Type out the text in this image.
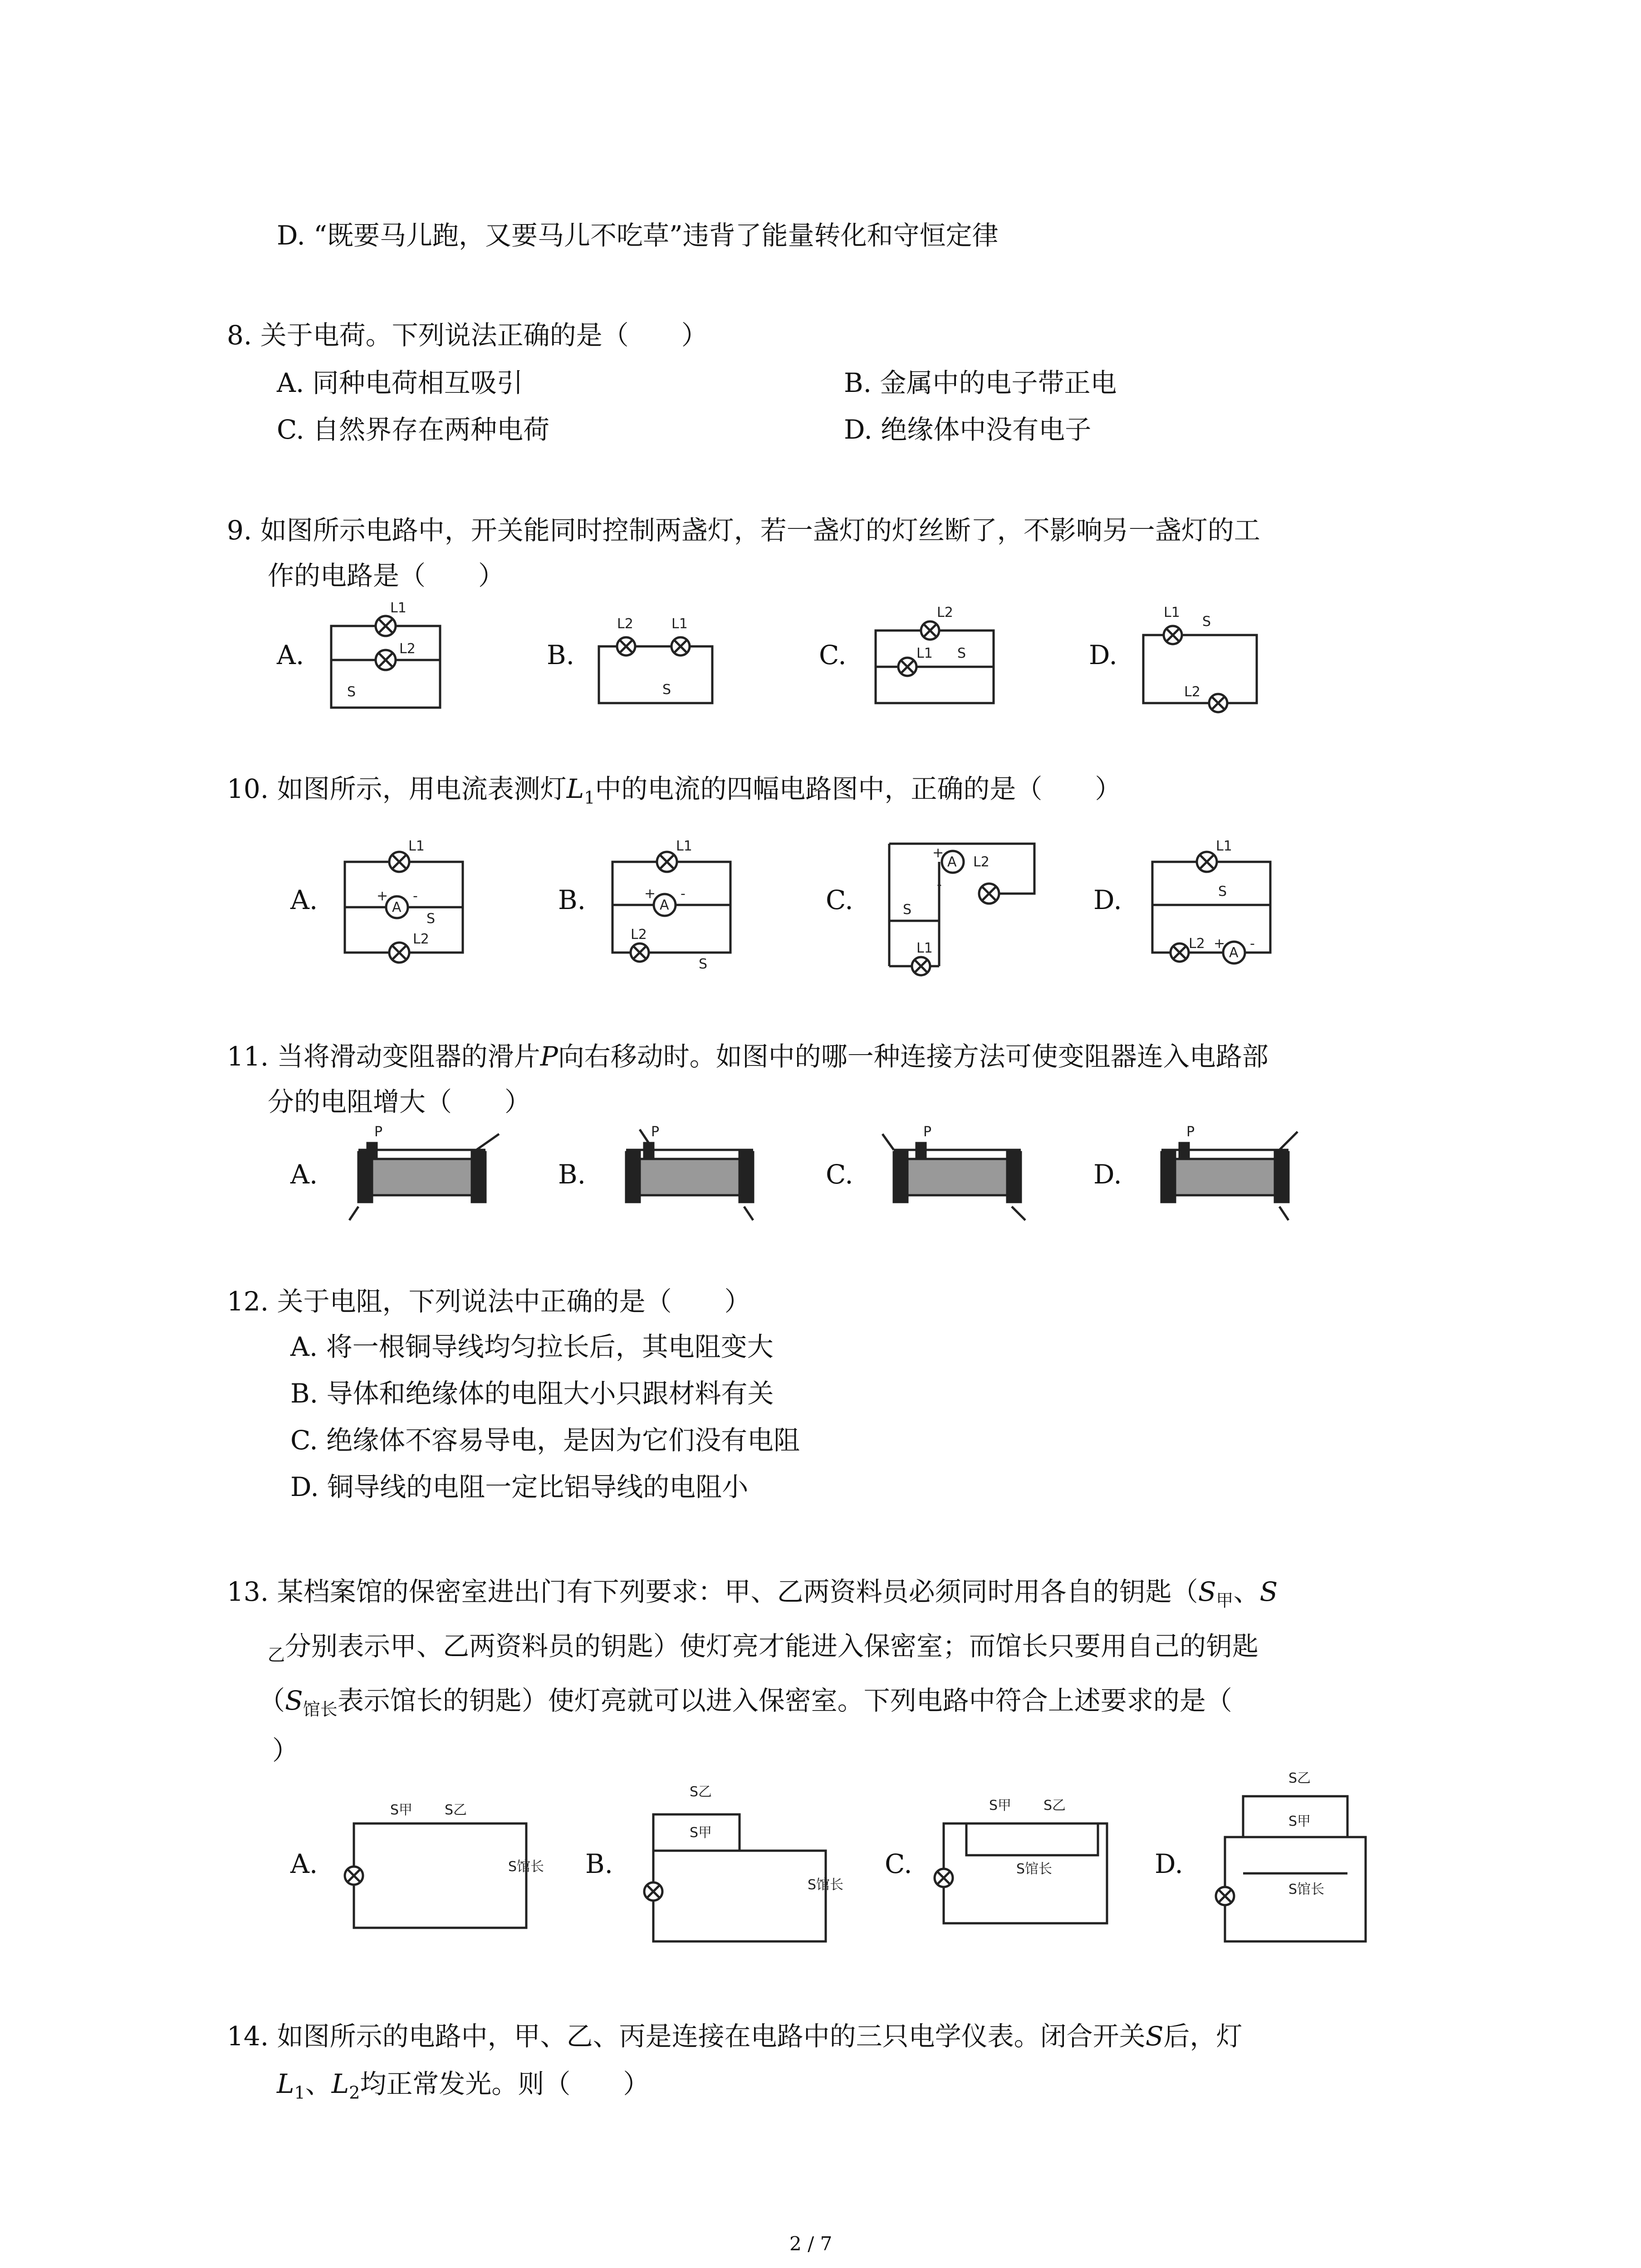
D. “既要马儿跑，又要马儿不吃草”违背了能量转化和守恒定律
8. 关于电荷。下列说法正确的是（　　）
A. 同种电荷相互吸引	B. 金属中的电子带正电
C. 自然界存在两种电荷	D. 绝缘体中没有电子
9. 如图所示电路中，开关能同时控制两盏灯，若一盏灯的灯丝断了，不影响另一盏灯的工
作的电路是（　　）
A.
L1
L2
S
B.
L2	L1
S
C.
L2
L1 S	D.
L1
S
L2
10. 如图所示，用电流表测灯$L_1$中的电流的四幅电路图中，正确的是（　　）
A.
L1
A
+ -
S
L2
B.
L1
A
+ -
L2
S
C.
A
+
L2
-
S
L1
D.
L1
S
L2 +
A
-
11. 当将滑动变阻器的滑片P向右移动时。如图中的哪一种连接方法可使变阻器连入电路部
分的电阻增大（　　）
A.
P
B.
P
C.
P
D.
P
12. 关于电阻，下列说法中正确的是（　　）
A. 将一根铜导线均匀拉长后，其电阻变大
B. 导体和绝缘体的电阻大小只跟材料有关
C. 绝缘体不容易导电，是因为它们没有电阻
D. 铜导线的电阻一定比铝导线的电阻小
13. 某档案馆的保密室进出门有下列要求：甲、乙两资料员必须同时用各自的钥匙（$S_甲$、S
$_乙$分别表示甲、乙两资料员的钥匙）使灯亮才能进入保密室；而馆长只要用自己的钥匙
（$S_{馆长}$表示馆长的钥匙）使灯亮就可以进入保密室。下列电路中符合上述要求的是（
）
A.
S甲 S乙
S馆长 B.
S乙
S甲
S馆长
C.
S甲 S乙
S馆长	D.
S乙
S甲
S馆长
14. 如图所示的电路中，甲、乙、丙是连接在电路中的三只电学仪表。闭合开关S后，灯
$L_1$、$L_2$均正常发光。则（　　）
2 / 7
